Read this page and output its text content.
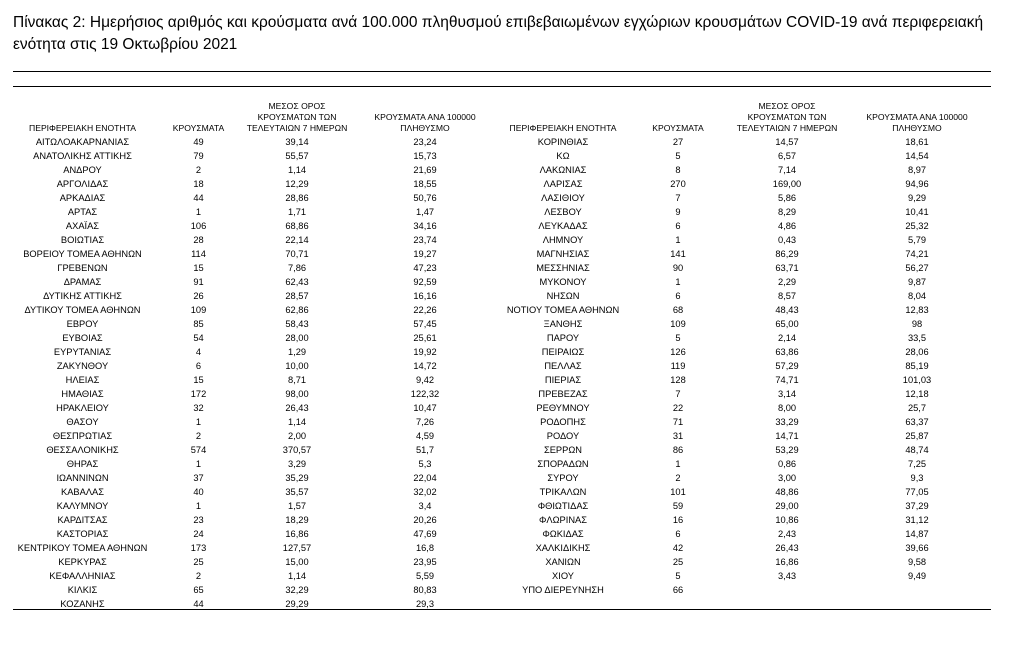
Πίνακας 2: Ημερήσιος αριθμός και κρούσματα ανά 100.000 πληθυσμού επιβεβαιωμένων εγχώριων κρουσμάτων COVID-19 ανά περιφερειακή ενότητα στις 19 Οκτωβρίου 2021
ΠΕΡΙΦΕΡΕΙΑΚΗ ΕΝΟΤΗΤΑ	ΚΡΟΥΣΜΑΤΑ	ΜΕΣΟΣ ΟΡΟΣ ΚΡΟΥΣΜΑΤΩΝ ΤΩΝ ΤΕΛΕΥΤΑΙΩΝ 7 ΗΜΕΡΩΝ	ΚΡΟΥΣΜΑΤΑ ΑΝΑ 100000 ΠΛΗΘΥΣΜΟ	ΠΕΡΙΦΕΡΕΙΑΚΗ ΕΝΟΤΗΤΑ	ΚΡΟΥΣΜΑΤΑ	ΜΕΣΟΣ ΟΡΟΣ ΚΡΟΥΣΜΑΤΩΝ ΤΩΝ ΤΕΛΕΥΤΑΙΩΝ 7 ΗΜΕΡΩΝ	ΚΡΟΥΣΜΑΤΑ ΑΝΑ 100000 ΠΛΗΘΥΣΜΟ
ΑΙΤΩΛΟΑΚΑΡΝΑΝΙΑΣ	49	39,14	23,24	ΚΟΡΙΝΘΙΑΣ	27	14,57	18,61
ΑΝΑΤΟΛΙΚΗΣ ΑΤΤΙΚΗΣ	79	55,57	15,73	ΚΩ	5	6,57	14,54
ΑΝΔΡΟΥ	2	1,14	21,69	ΛΑΚΩΝΙΑΣ	8	7,14	8,97
ΑΡΓΟΛΙΔΑΣ	18	12,29	18,55	ΛΑΡΙΣΑΣ	270	169,00	94,96
ΑΡΚΑΔΙΑΣ	44	28,86	50,76	ΛΑΣΙΘΙΟΥ	7	5,86	9,29
ΑΡΤΑΣ	1	1,71	1,47	ΛΕΣΒΟΥ	9	8,29	10,41
ΑΧΑΪΑΣ	106	68,86	34,16	ΛΕΥΚΑΔΑΣ	6	4,86	25,32
ΒΟΙΩΤΙΑΣ	28	22,14	23,74	ΛΗΜΝΟΥ	1	0,43	5,79
ΒΟΡΕΙΟΥ ΤΟΜΕΑ ΑΘΗΝΩΝ	114	70,71	19,27	ΜΑΓΝΗΣΙΑΣ	141	86,29	74,21
ΓΡΕΒΕΝΩΝ	15	7,86	47,23	ΜΕΣΣΗΝΙΑΣ	90	63,71	56,27
ΔΡΑΜΑΣ	91	62,43	92,59	ΜΥΚΟΝΟΥ	1	2,29	9,87
ΔΥΤΙΚΗΣ ΑΤΤΙΚΗΣ	26	28,57	16,16	ΝΗΣΩΝ	6	8,57	8,04
ΔΥΤΙΚΟΥ ΤΟΜΕΑ ΑΘΗΝΩΝ	109	62,86	22,26	ΝΟΤΙΟΥ ΤΟΜΕΑ ΑΘΗΝΩΝ	68	48,43	12,83
ΕΒΡΟΥ	85	58,43	57,45	ΞΑΝΘΗΣ	109	65,00	98
ΕΥΒΟΙΑΣ	54	28,00	25,61	ΠΑΡΟΥ	5	2,14	33,5
ΕΥΡΥΤΑΝΙΑΣ	4	1,29	19,92	ΠΕΙΡΑΙΩΣ	126	63,86	28,06
ΖΑΚΥΝΘΟΥ	6	10,00	14,72	ΠΕΛΛΑΣ	119	57,29	85,19
ΗΛΕΙΑΣ	15	8,71	9,42	ΠΙΕΡΙΑΣ	128	74,71	101,03
ΗΜΑΘΙΑΣ	172	98,00	122,32	ΠΡΕΒΕΖΑΣ	7	3,14	12,18
ΗΡΑΚΛΕΙΟΥ	32	26,43	10,47	ΡΕΘΥΜΝΟΥ	22	8,00	25,7
ΘΑΣΟΥ	1	1,14	7,26	ΡΟΔΟΠΗΣ	71	33,29	63,37
ΘΕΣΠΡΩΤΙΑΣ	2	2,00	4,59	ΡΟΔΟΥ	31	14,71	25,87
ΘΕΣΣΑΛΟΝΙΚΗΣ	574	370,57	51,7	ΣΕΡΡΩΝ	86	53,29	48,74
ΘΗΡΑΣ	1	3,29	5,3	ΣΠΟΡΑΔΩΝ	1	0,86	7,25
ΙΩΑΝΝΙΝΩΝ	37	35,29	22,04	ΣΥΡΟΥ	2	3,00	9,3
ΚΑΒΑΛΑΣ	40	35,57	32,02	ΤΡΙΚΑΛΩΝ	101	48,86	77,05
ΚΑΛΥΜΝΟΥ	1	1,57	3,4	ΦΘΙΩΤΙΔΑΣ	59	29,00	37,29
ΚΑΡΔΙΤΣΑΣ	23	18,29	20,26	ΦΛΩΡΙΝΑΣ	16	10,86	31,12
ΚΑΣΤΟΡΙΑΣ	24	16,86	47,69	ΦΩΚΙΔΑΣ	6	2,43	14,87
ΚΕΝΤΡΙΚΟΥ ΤΟΜΕΑ ΑΘΗΝΩΝ	173	127,57	16,8	ΧΑΛΚΙΔΙΚΗΣ	42	26,43	39,66
ΚΕΡΚΥΡΑΣ	25	15,00	23,95	ΧΑΝΙΩΝ	25	16,86	9,58
ΚΕΦΑΛΛΗΝΙΑΣ	2	1,14	5,59	ΧΙΟΥ	5	3,43	9,49
ΚΙΛΚΙΣ	65	32,29	80,83	ΥΠΟ ΔΙΕΡΕΥΝΗΣΗ	66		
ΚΟΖΑΝΗΣ	44	29,29	29,3				
